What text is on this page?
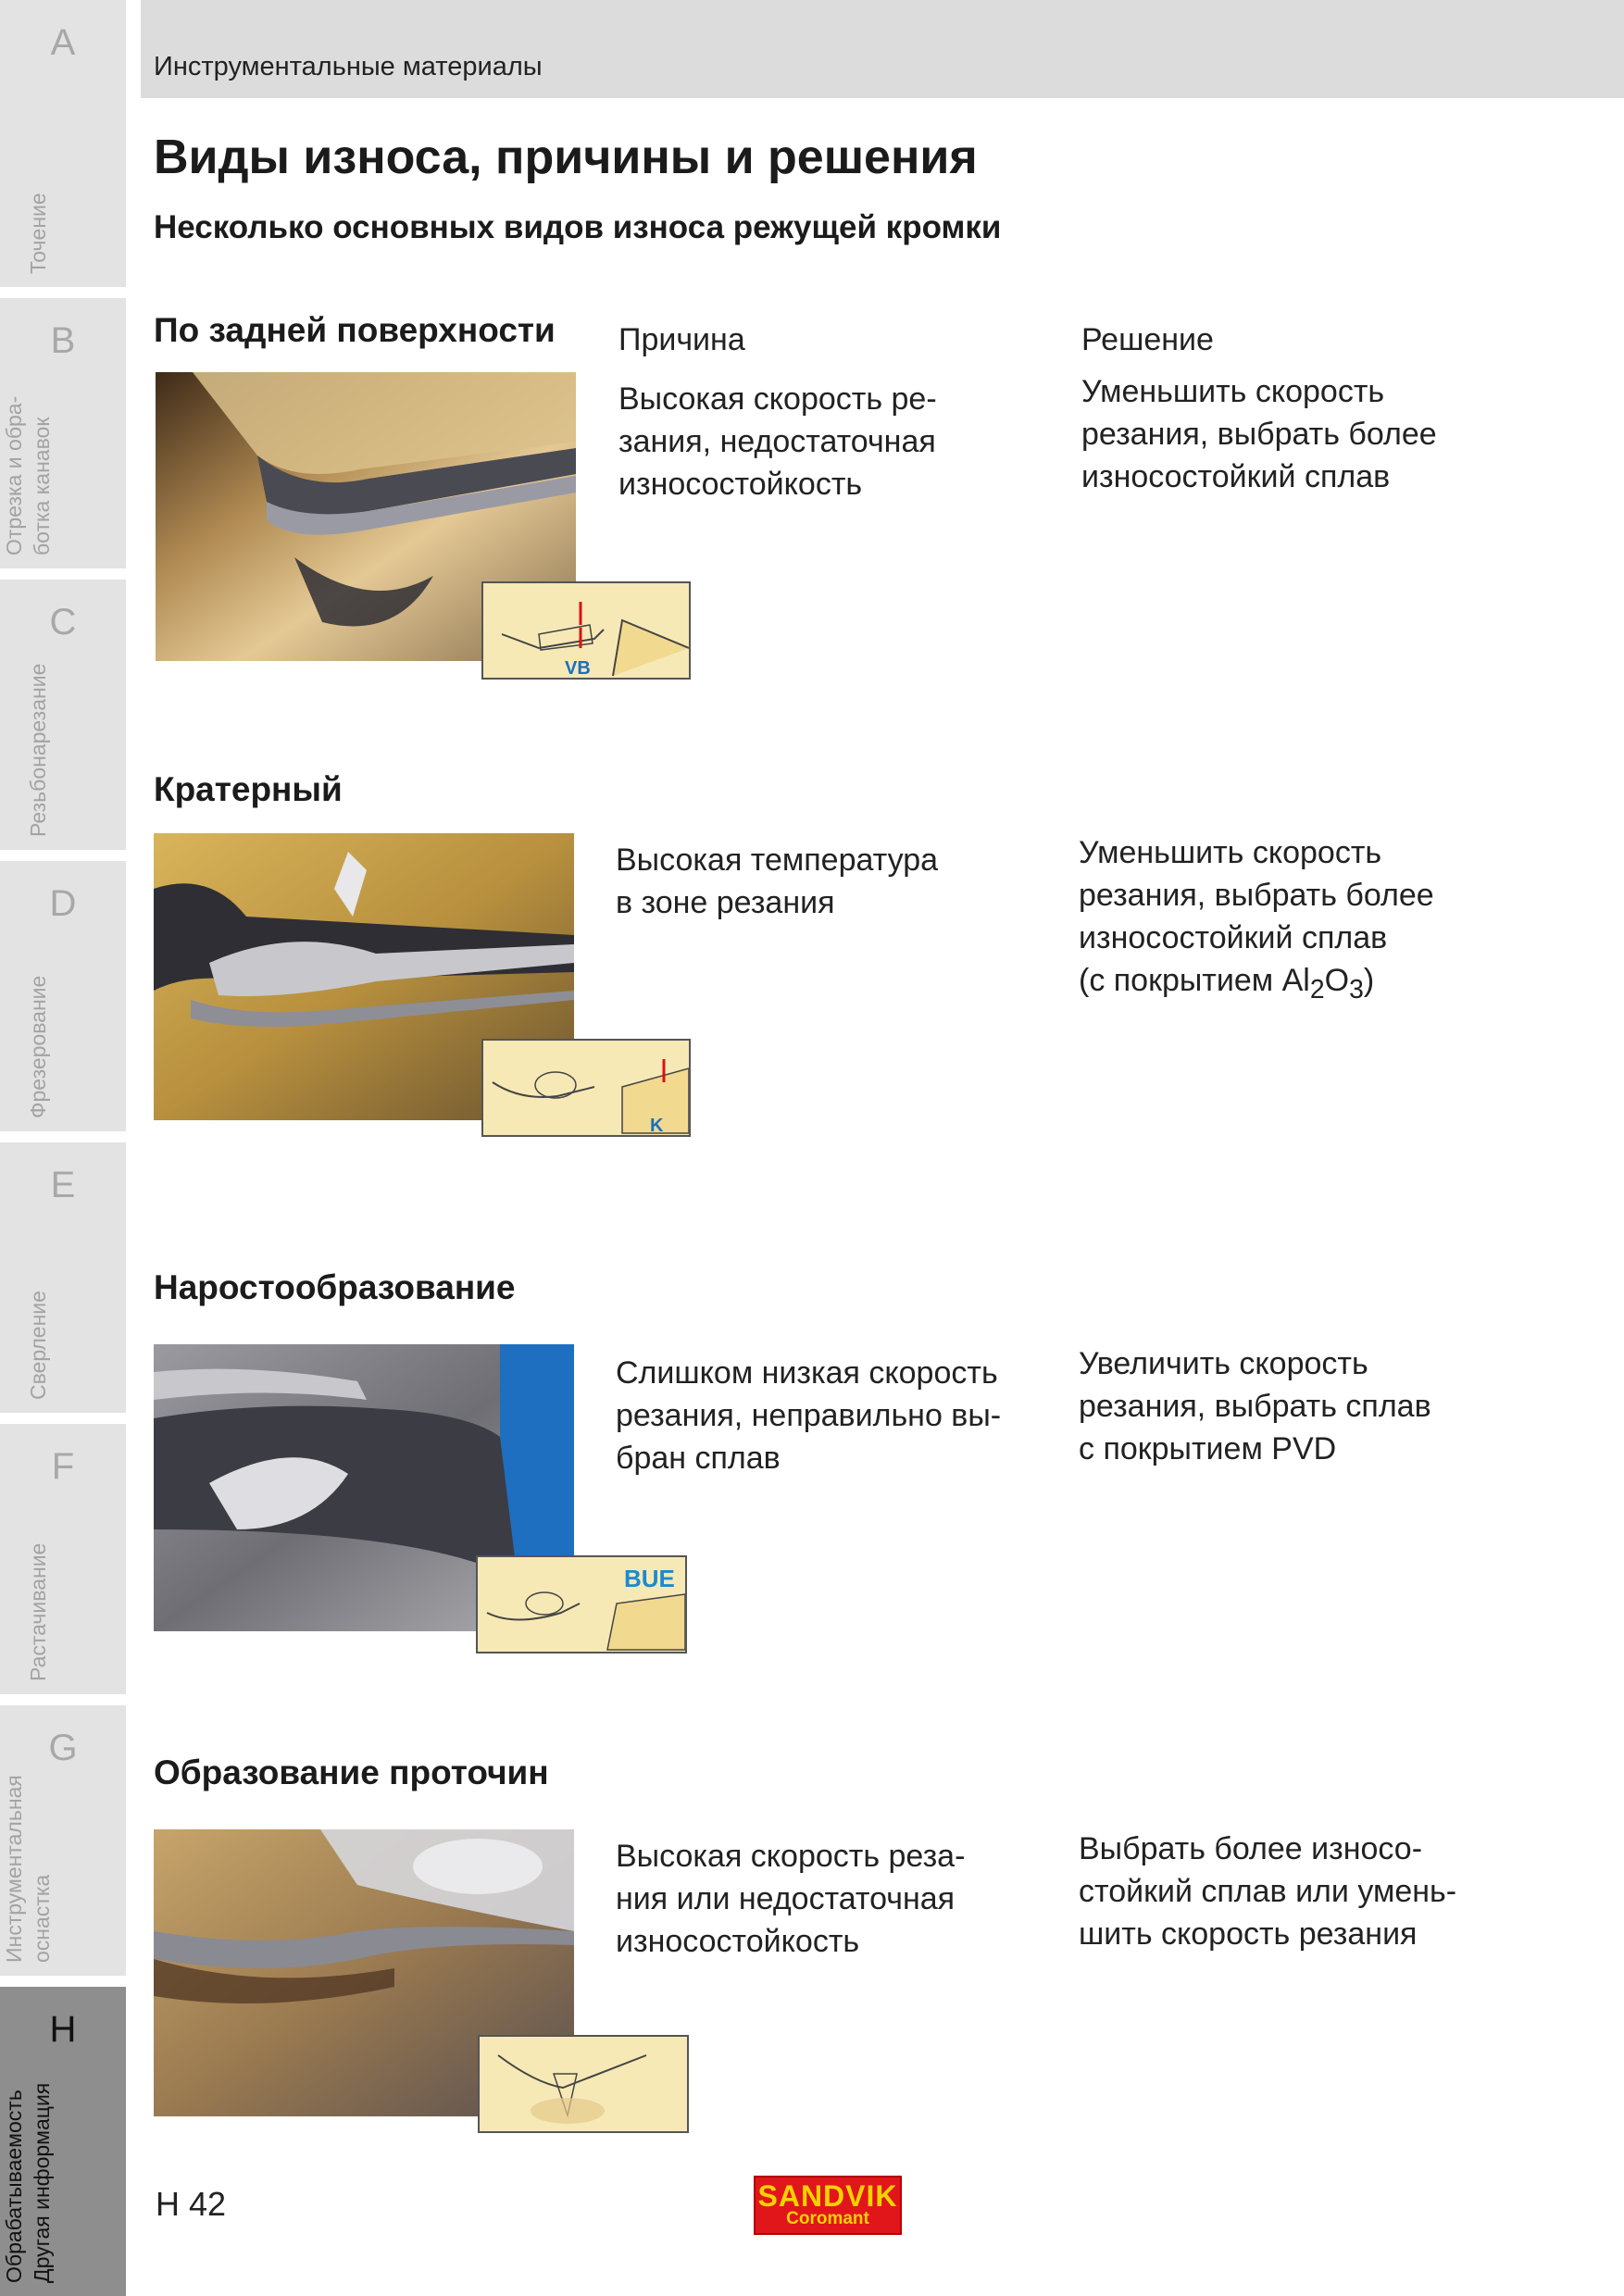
A
Точение
B
Отрезка и обра- ботка канавок
C
Резьбонарезание
D
Фрезерование
E
Сверление
F
Растачивание
G
Инструментальная оснастка
H
Обрабатываемость Другая информация
Инструментальные материалы
Виды износа, причины и решения
Несколько основных видов износа режущей кромки
По задней поверхности Причина	Решение
VB
Высокая скорость ре-
зания, недостаточная
износостойкость
Уменьшить скорость
резания, выбрать более
износостойкий сплав
Кратерный
K
Высокая температура
в зоне резания
Уменьшить скорость
резания, выбрать более
износостойкий сплав
(с покрытием $Al_2O_3$)
Наростообразование
BUE
Слишком низкая скорость
резания, неправильно вы-
бран сплав
Увеличить скорость
резания, выбрать сплав
с покрытием PVD
Образование проточин
Высокая скорость реза-
ния или недостаточная
износостойкость
Выбрать более износо-
стойкий сплав или умень-
шить скорость резания
H 42	SANDVIK
Coromant
